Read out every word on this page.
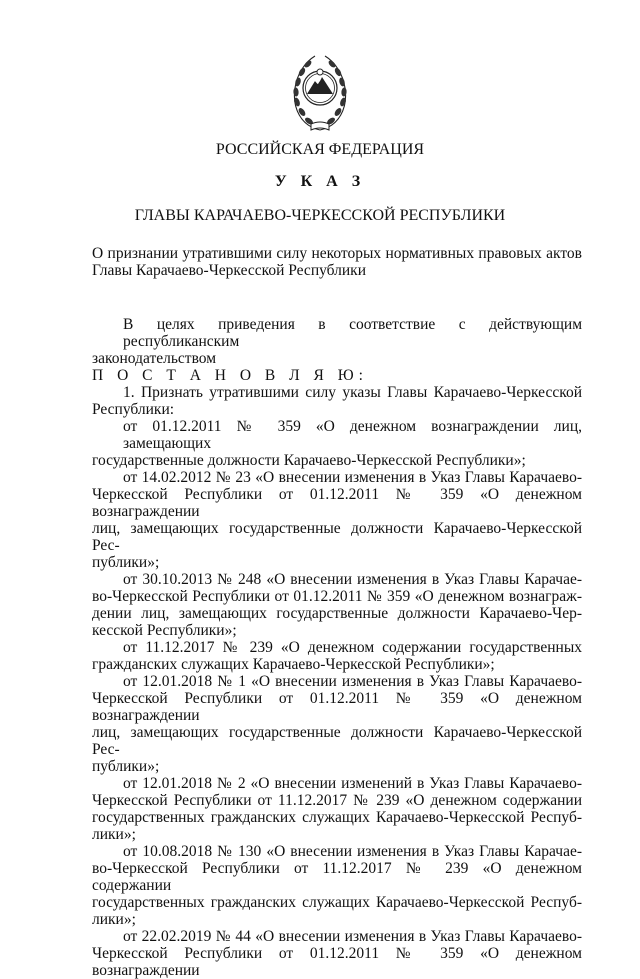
РОССИЙСКАЯ ФЕДЕРАЦИЯ
У К А З
ГЛАВЫ КАРАЧАЕВО-ЧЕРКЕССКОЙ РЕСПУБЛИКИ
О признании утратившими силу некоторых нормативных правовых актов
Главы Карачаево-Черкесской Республики
В целях приведения в соответствие с действующим республиканским
законодательством
П О С Т А Н О В Л Я Ю:
1. Признать утратившими силу указы Главы Карачаево-Черкесской
Республики:
от 01.12.2011 № 359 «О денежном вознаграждении лиц, замещающих
государственные должности Карачаево-Черкесской Республики»;
от 14.02.2012 № 23 «О внесении изменения в Указ Главы Карачаево-
Черкесской Республики от 01.12.2011 № 359 «О денежном вознаграждении
лиц, замещающих государственные должности Карачаево-Черкесской Рес-
публики»;
от 30.10.2013 № 248 «О внесении изменения в Указ Главы Карачае-
во-Черкесской Республики от 01.12.2011 № 359 «О денежном вознаграж-
дении лиц, замещающих государственные должности Карачаево-Чер-
кесской Республики»;
от 11.12.2017 № 239 «О денежном содержании государственных
гражданских служащих Карачаево-Черкесской Республики»;
от 12.01.2018 № 1 «О внесении изменения в Указ Главы Карачаево-
Черкесской Республики от 01.12.2011 № 359 «О денежном вознаграждении
лиц, замещающих государственные должности Карачаево-Черкесской Рес-
публики»;
от 12.01.2018 № 2 «О внесении изменений в Указ Главы Карачаево-
Черкесской Республики от 11.12.2017 № 239 «О денежном содержании
государственных гражданских служащих Карачаево-Черкесской Респуб-
лики»;
от 10.08.2018 № 130 «О внесении изменения в Указ Главы Карачае-
во-Черкесской Республики от 11.12.2017 № 239 «О денежном содержании
государственных гражданских служащих Карачаево-Черкесской Респуб-
лики»;
от 22.02.2019 № 44 «О внесении изменения в Указ Главы Карачаево-
Черкесской Республики от 01.12.2011 № 359 «О денежном вознаграждении
